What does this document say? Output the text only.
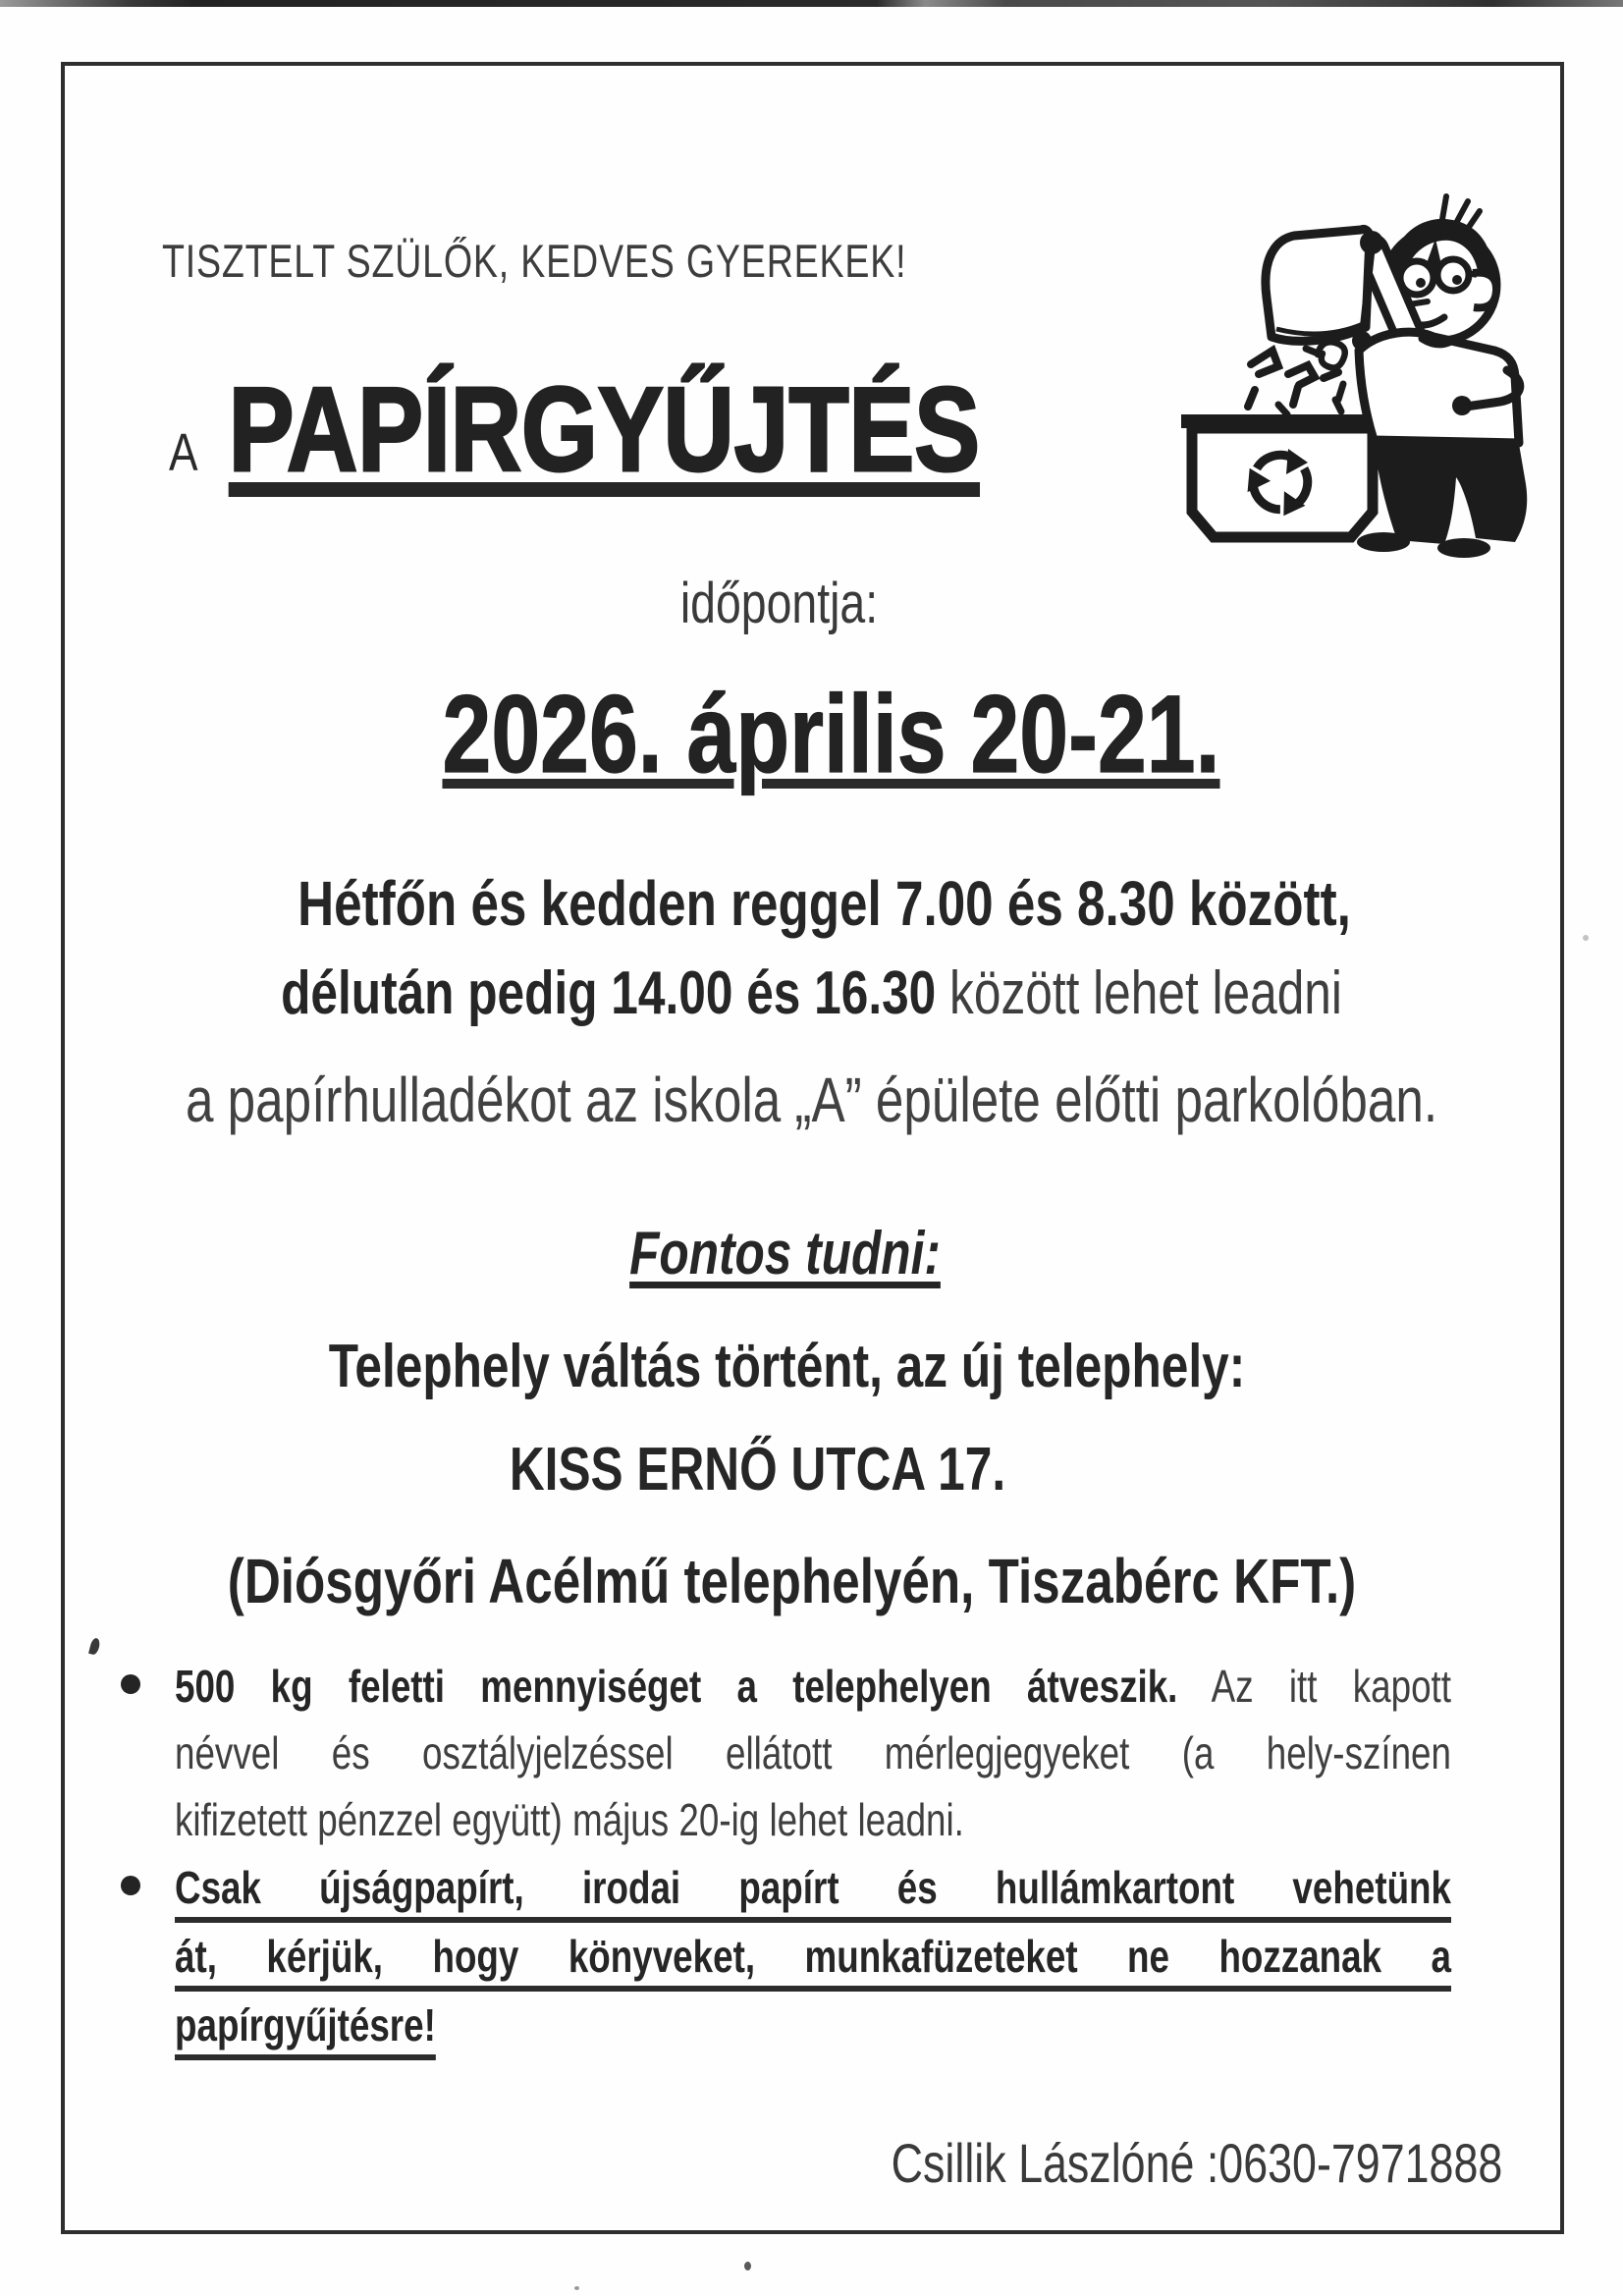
TISZTELT SZÜLŐK, KEDVES GYEREKEK!
A PAPÍRGYŰJTÉS
időpontja:
2026. április 20-21.
Hétfőn és kedden reggel 7.00 és 8.30 között,
délután pedig 14.00 és 16.30 között lehet leadni
a papírhulladékot az iskola „A” épülete előtti parkolóban.
Fontos tudni:
Telephely váltás történt, az új telephely:
KISS ERNŐ UTCA 17.
(Diósgyőri Acélmű telephelyén, Tiszabérc KFT.)
500 kg feletti mennyiséget a telephelyen átveszik. Az itt kapott
névvel és osztályjelzéssel ellátott mérlegjegyeket (a hely-színen
kifizetett pénzzel együtt) május 20-ig lehet leadni.
Csak újságpapírt, irodai papírt és hullámkartont vehetünk
át, kérjük, hogy könyveket, munkafüzeteket ne hozzanak a
papírgyűjtésre!
Csillik Lászlóné :0630-7971888
